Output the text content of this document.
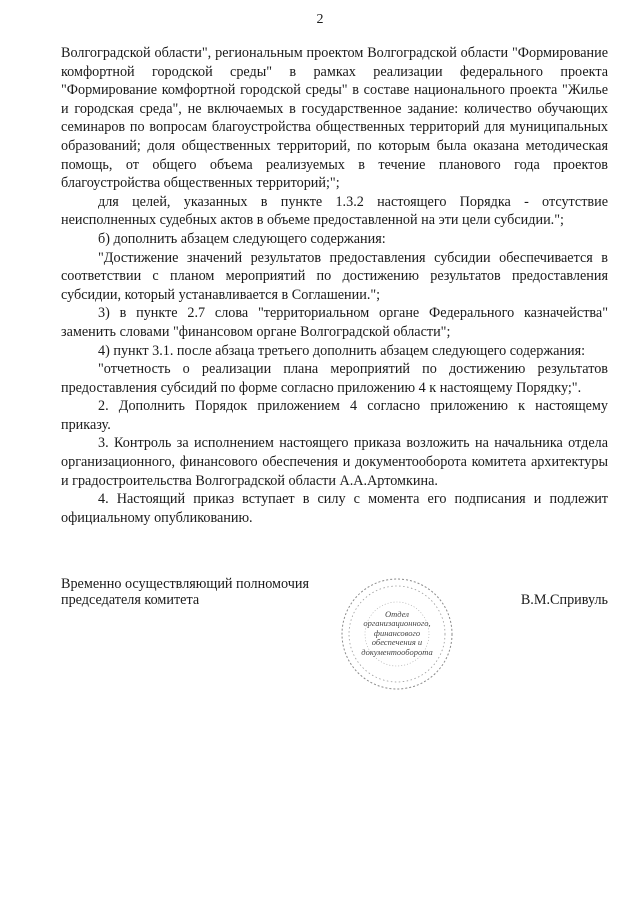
2

Волгоградской области", региональным проектом Волгоградской области "Формирование комфортной городской среды" в рамках реализации федерального проекта "Формирование комфортной городской среды" в составе национального проекта "Жилье и городская среда", не включаемых в государственное задание: количество обучающих семинаров по вопросам благоустройства общественных территорий для муниципальных образований; доля общественных территорий, по которым была оказана методическая помощь, от общего объема реализуемых в течение планового года проектов благоустройства общественных территорий;";

для целей, указанных в пункте 1.3.2 настоящего Порядка - отсутствие неисполненных судебных актов в объеме предоставленной на эти цели субсидии.";

б) дополнить абзацем следующего содержания:

"Достижение значений результатов предоставления субсидии обеспечивается в соответствии с планом мероприятий по достижению результатов предоставления субсидии, который устанавливается в Соглашении.";

3) в пункте 2.7 слова "территориальном органе Федерального казначейства" заменить словами "финансовом органе Волгоградской области";

4) пункт 3.1. после абзаца третьего дополнить абзацем следующего содержания:

"отчетность о реализации плана мероприятий по достижению результатов предоставления субсидий по форме согласно приложению 4 к настоящему Порядку;".

2. Дополнить Порядок приложением 4 согласно приложению к настоящему приказу.

3. Контроль за исполнением настоящего приказа возложить на начальника отдела организационного, финансового обеспечения и документооборота комитета архитектуры и градостроительства Волгоградской области А.А.Артомкина.

4. Настоящий приказ вступает в силу с момента его подписания и подлежит официальному опубликованию.

Временно осуществляющий полномочия
председателя комитета
Отдел
организационного,
финансового
обеспечения и
документооборота
В.М.Спривуль
